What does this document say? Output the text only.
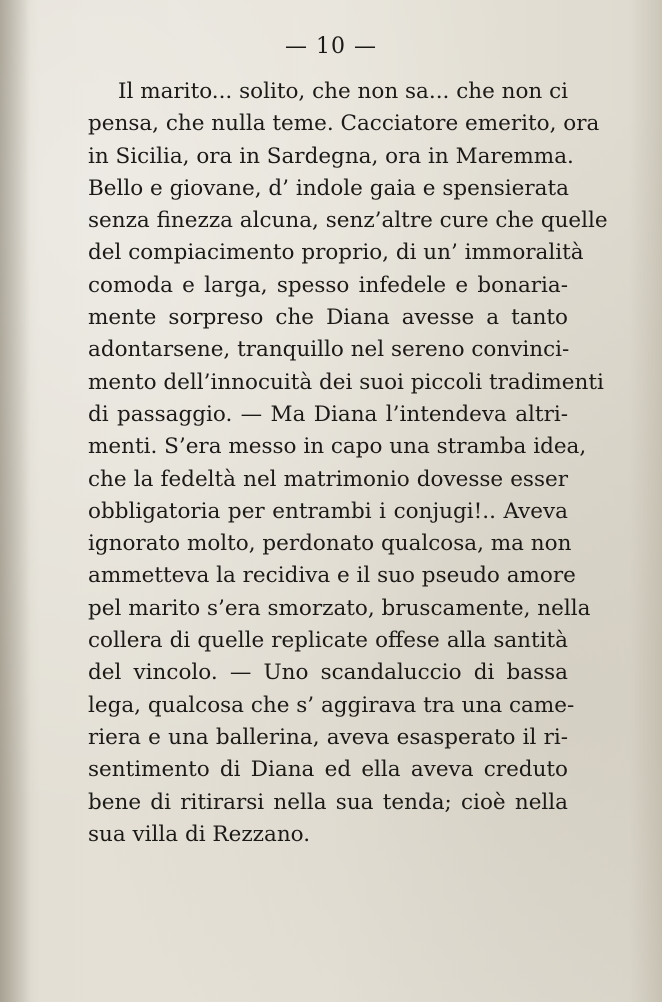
— 10 —
Il marito... solito, che non sa... che non ci
pensa, che nulla teme. Cacciatore emerito, ora
in Sicilia, ora in Sardegna, ora in Maremma.
Bello e giovane, d’ indole gaia e spensierata
senza finezza alcuna, senz’altre cure che quelle
del compiacimento proprio, di un’ immoralità
comoda e larga, spesso infedele e bonaria-
mente sorpreso che Diana avesse a tanto
adontarsene, tranquillo nel sereno convinci-
mento dell’innocuità dei suoi piccoli tradimenti
di passaggio. — Ma Diana l’intendeva altri-
menti. S’era messo in capo una stramba idea,
che la fedeltà nel matrimonio dovesse esser
obbligatoria per entrambi i conjugi!.. Aveva
ignorato molto, perdonato qualcosa, ma non
ammetteva la recidiva e il suo pseudo amore
pel marito s’era smorzato, bruscamente, nella
collera di quelle replicate offese alla santità
del vincolo. — Uno scandaluccio di bassa
lega, qualcosa che s’ aggirava tra una came-
riera e una ballerina, aveva esasperato il ri-
sentimento di Diana ed ella aveva creduto
bene di ritirarsi nella sua tenda; cioè nella
sua villa di Rezzano.
